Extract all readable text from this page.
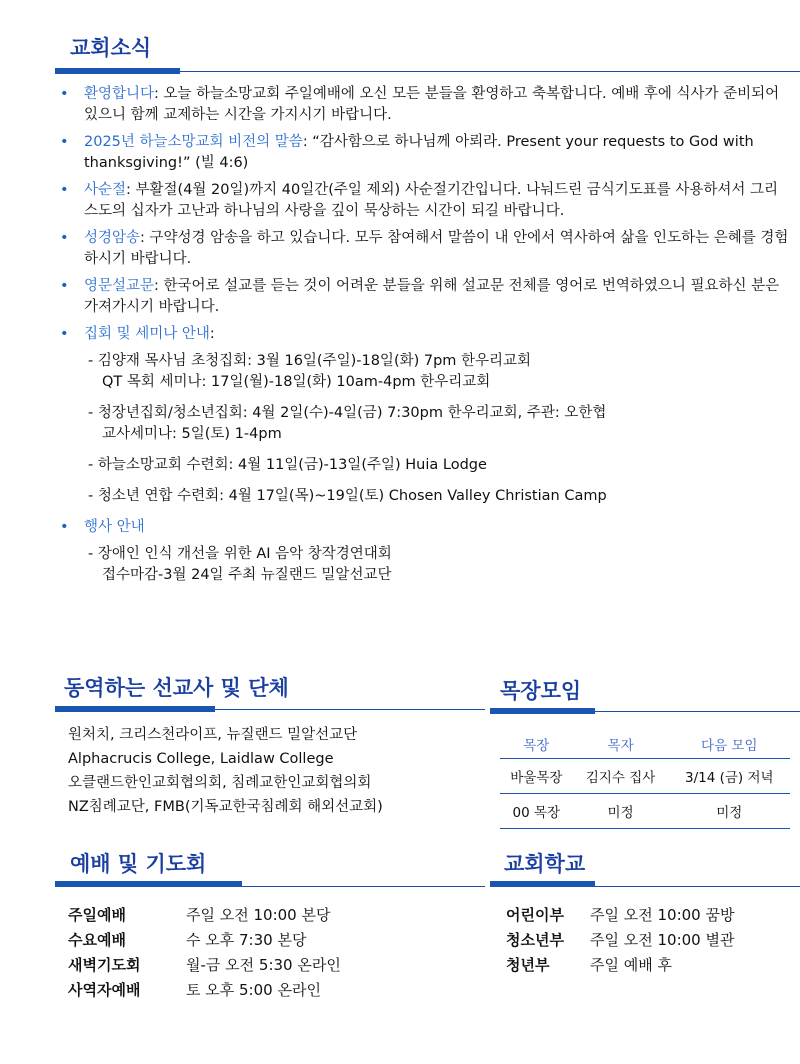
교회소식
• 환영합니다: 오늘 하늘소망교회 주일예배에 오신 모든 분들을 환영하고 축복합니다. 예배 후에 식사가 준비되어 있으니 함께 교제하는 시간을 가지시기 바랍니다.
• 2025년 하늘소망교회 비전의 말씀: “감사함으로 하나님께 아뢰라. Present your requests to God with thanksgiving!” (빌 4:6)
• 사순절: 부활절(4월 20일)까지 40일간(주일 제외) 사순절기간입니다. 나눠드린 금식기도표를 사용하셔서 그리스도의 십자가 고난과 하나님의 사랑을 깊이 묵상하는 시간이 되길 바랍니다.
• 성경암송: 구약성경 암송을 하고 있습니다. 모두 참여해서 말씀이 내 안에서 역사하여 삶을 인도하는 은혜를 경험하시기 바랍니다.
• 영문설교문: 한국어로 설교를 듣는 것이 어려운 분들을 위해 설교문 전체를 영어로 번역하였으니 필요하신 분은 가져가시기 바랍니다.
• 집회 및 세미나 안내:
- 김양재 목사님 초청집회: 3월 16일(주일)-18일(화) 7pm 한우리교회
QT 목회 세미나: 17일(월)-18일(화) 10am-4pm 한우리교회
- 청장년집회/청소년집회: 4월 2일(수)-4일(금) 7:30pm 한우리교회, 주관: 오한협
교사세미나: 5일(토) 1-4pm
- 하늘소망교회 수련회: 4월 11일(금)-13일(주일) Huia Lodge
- 청소년 연합 수련회: 4월 17일(목)~19일(토) Chosen Valley Christian Camp
• 행사 안내
- 장애인 인식 개선을 위한 AI 음악 창작경연대회
접수마감-3월 24일 주최 뉴질랜드 밀알선교단
동역하는 선교사 및 단체
원처치, 크리스천라이프, 뉴질랜드 밀알선교단
Alphacrucis College, Laidlaw College
오클랜드한인교회협의회, 침례교한인교회협의회
NZ침례교단, FMB(기독교한국침례회 해외선교회)
목장모임
목장	목자	다음 모임
바울목장	김지수 집사	3/14 (금) 저녁
00 목장	미정	미정
예배 및 기도회
주일예배	주일 오전 10:00 본당
수요예배	수 오후 7:30 본당
새벽기도회	월-금 오전 5:30 온라인
사역자예배	토 오후 5:00 온라인
교회학교
어린이부	주일 오전 10:00 꿈방
청소년부	주일 오전 10:00 별관
청년부	주일 예배 후
